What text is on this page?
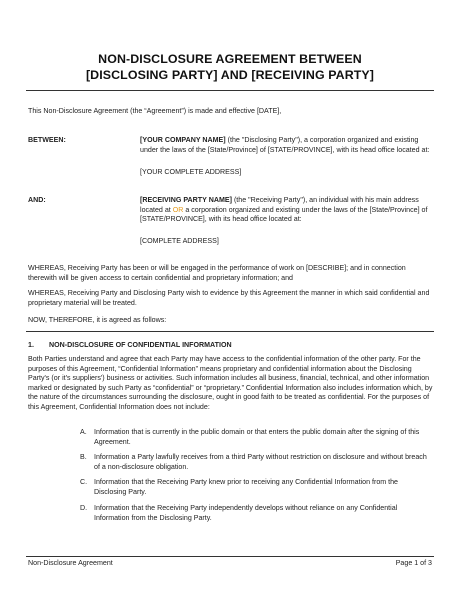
NON-DISCLOSURE AGREEMENT BETWEEN
[DISCLOSING PARTY] AND [RECEIVING PARTY]
This Non-Disclosure Agreement (the “Agreement”) is made and effective [DATE],
BETWEEN:	[YOUR COMPANY NAME] (the "Disclosing Party"), a corporation organized and existing under the laws of the [State/Province] of [STATE/PROVINCE], with its head office located at:

[YOUR COMPLETE ADDRESS]
AND:	[RECEIVING PARTY NAME] (the "Receiving Party"), an individual with his main address located at OR a corporation organized and existing under the laws of the [State/Province] of [STATE/PROVINCE], with its head office located at:

[COMPLETE ADDRESS]
WHEREAS, Receiving Party has been or will be engaged in the performance of work on [DESCRIBE]; and in connection therewith will be given access to certain confidential and proprietary information; and
WHEREAS, Receiving Party and Disclosing Party wish to evidence by this Agreement the manner in which said confidential and proprietary material will be treated.
NOW, THEREFORE, it is agreed as follows:
1. NON-DISCLOSURE OF CONFIDENTIAL INFORMATION
Both Parties understand and agree that each Party may have access to the confidential information of the other party. For the purposes of this Agreement, “Confidential Information” means proprietary and confidential information about the Disclosing Party's (or it's suppliers') business or activities. Such information includes all business, financial, technical, and other information marked or designated by such Party as “confidential” or “proprietary.” Confidential Information also includes information which, by the nature of the circumstances surrounding the disclosure, ought in good faith to be treated as confidential. For the purposes of this Agreement, Confidential Information does not include:
A. Information that is currently in the public domain or that enters the public domain after the signing of this Agreement.
B. Information a Party lawfully receives from a third Party without restriction on disclosure and without breach of a non-disclosure obligation.
C. Information that the Receiving Party knew prior to receiving any Confidential Information from the Disclosing Party.
D. Information that the Receiving Party independently develops without reliance on any Confidential Information from the Disclosing Party.
Non-Disclosure Agreement	Page 1 of 3
